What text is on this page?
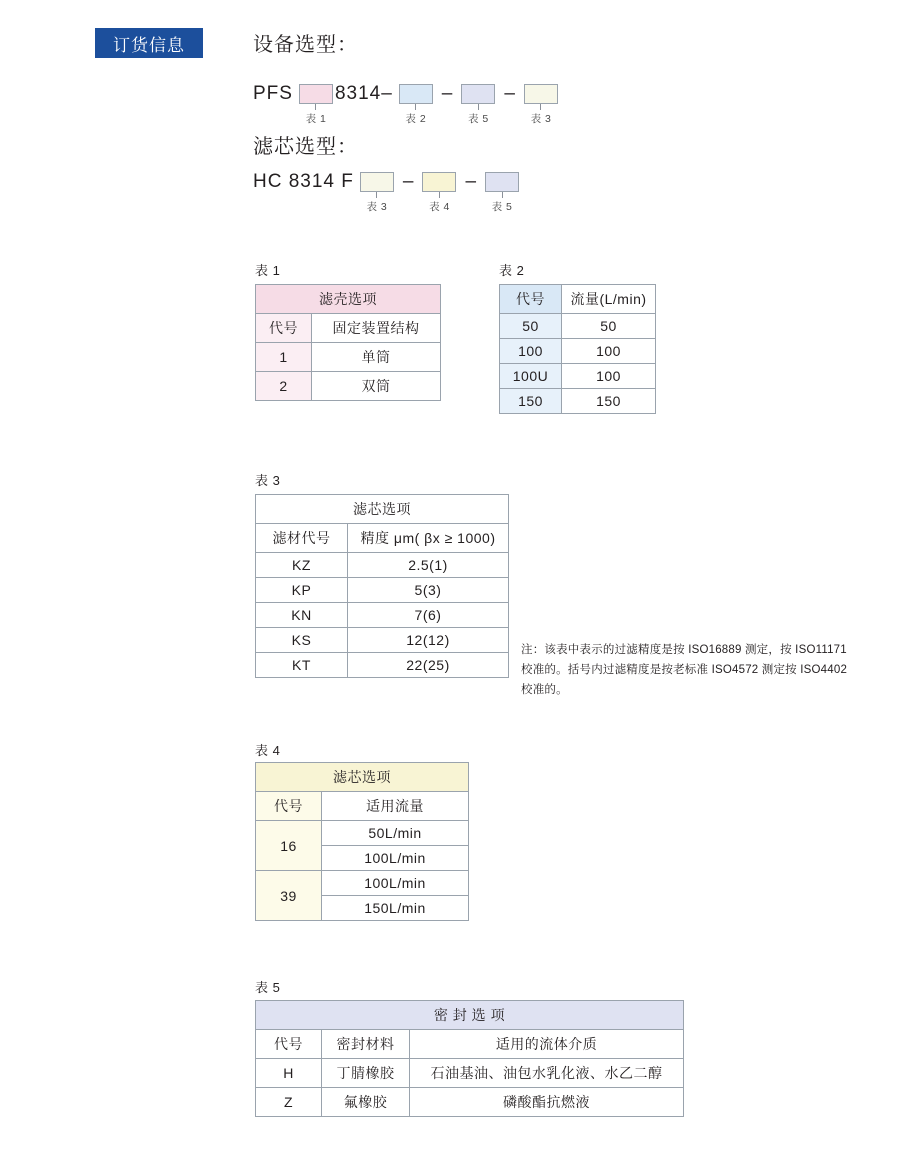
订货信息	设备选型：
PFS
表 1
8314–
表 2
–
表 5
–
表 3
滤芯选型：
HC 8314 F
表 3
–
表 4
–
表 5
表 1
滤壳选项	
代号	固定装置结构
1	单筒
2	双筒
表 2
代号	流量(L/min)
50	50
100	100
100U	100
150	150
表 3
滤芯选项	
滤材代号	精度 μm( βx ≥ 1000)
KZ	2.5(1)
KP	5(3)
KN	7(6)
KS	12(12)
KT	22(25)
注：该表中表示的过滤精度是按 ISO16889 测定，按 ISO11171 校准的。括号内过滤精度是按老标准 ISO4572 测定按 ISO4402 校准的。
表 4
滤芯选项	
代号	适用流量
16	50L/min
	100L/min
39	100L/min
	150L/min
表 5
密 封 选 项		
代号	密封材料	适用的流体介质
H	丁腈橡胶	石油基油、油包水乳化液、水乙二醇
Z	氟橡胶	磷酸酯抗燃液
